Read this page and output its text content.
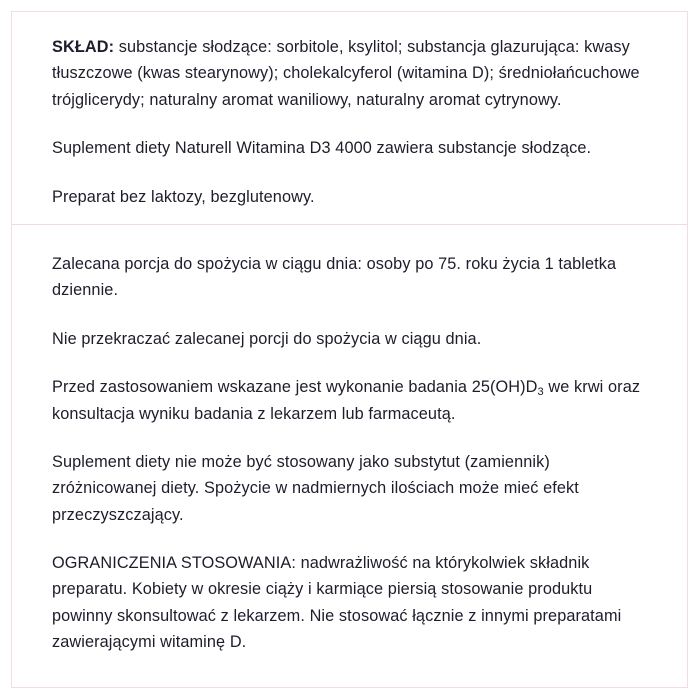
SKŁAD: substancje słodzące: sorbitole, ksylitol; substancja glazurująca: kwasy tłuszczowe (kwas stearynowy); cholekalcyferol (witamina D); średniołańcuchowe trójglicerydy; naturalny aromat waniliowy, naturalny aromat cytrynowy.

Suplement diety Naturell Witamina D3 4000 zawiera substancje słodzące.

Preparat bez laktozy, bezglutenowy.

Zalecana porcja do spożycia w ciągu dnia: osoby po 75. roku życia 1 tabletka dziennie.

Nie przekraczać zalecanej porcji do spożycia w ciągu dnia.

Przed zastosowaniem wskazane jest wykonanie badania $25(OH)D_3$ we krwi oraz konsultacja wyniku badania z lekarzem lub farmaceutą.

Suplement diety nie może być stosowany jako substytut (zamiennik) zróżnicowanej diety. Spożycie w nadmiernych ilościach może mieć efekt przeczyszczający.

OGRANICZENIA STOSOWANIA: nadwrażliwość na którykolwiek składnik preparatu. Kobiety w okresie ciąży i karmiące piersią stosowanie produktu powinny skonsultować z lekarzem. Nie stosować łącznie z innymi preparatami zawierającymi witaminę D.
